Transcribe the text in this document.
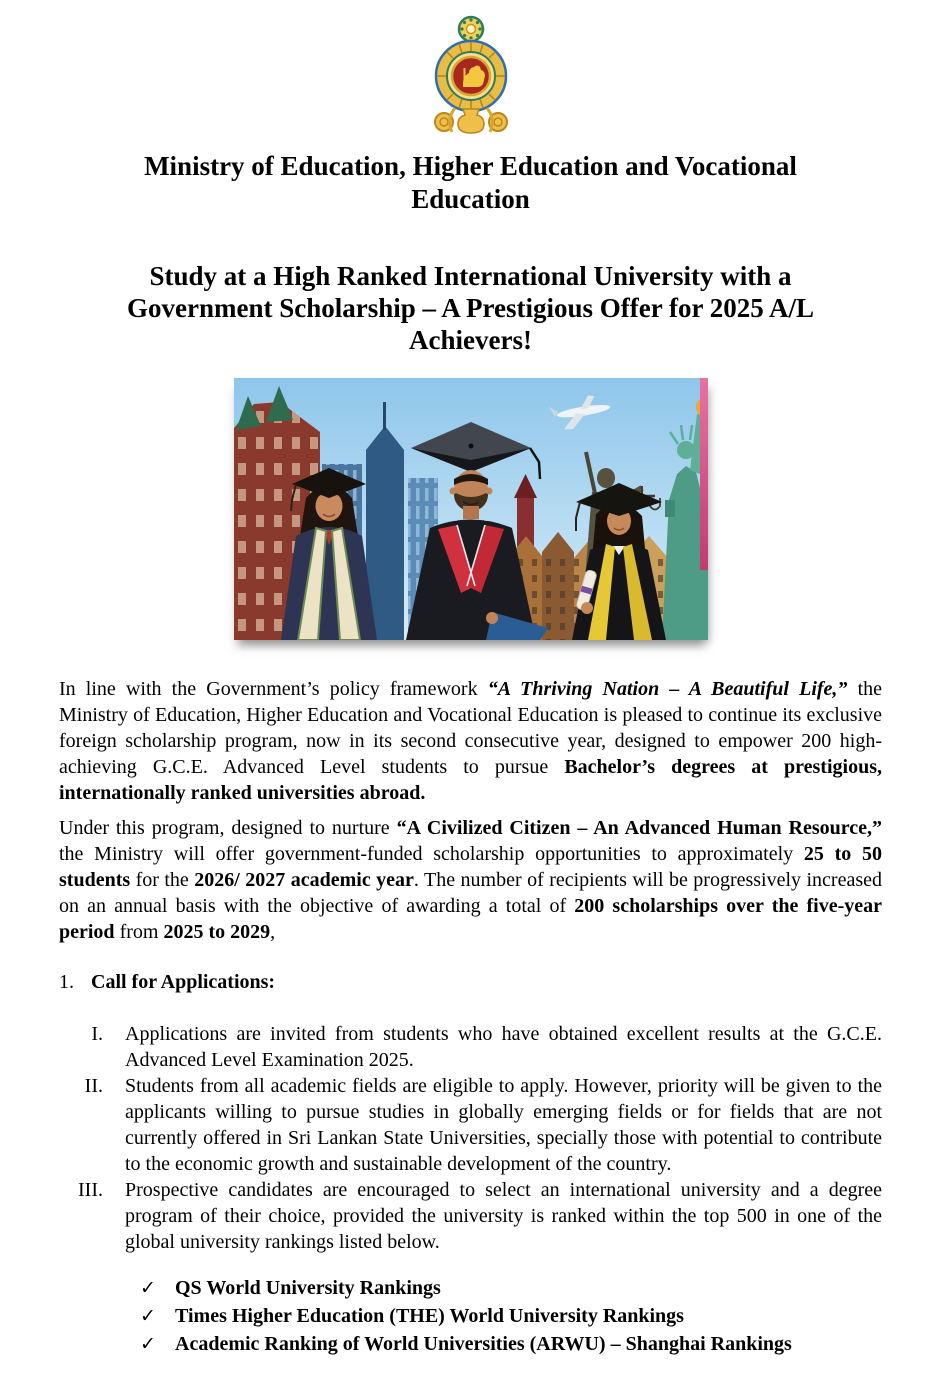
Ministry of Education, Higher Education and Vocational
Education
Study at a High Ranked International University with a
Government Scholarship – A Prestigious Offer for 2025 A/L
Achievers!

In line with the Government’s policy framework “A Thriving Nation – A Beautiful Life,” the Ministry of Education, Higher Education and Vocational Education is pleased to continue its exclusive foreign scholarship program, now in its second consecutive year, designed to empower 200 high-achieving G.C.E. Advanced Level students to pursue Bachelor’s degrees at prestigious, internationally ranked universities abroad.

Under this program, designed to nurture “A Civilized Citizen – An Advanced Human Resource,” the Ministry will offer government-funded scholarship opportunities to approximately 25 to 50 students for the 2026/ 2027 academic year. The number of recipients will be progressively increased on an annual basis with the objective of awarding a total of 200 scholarships over the five-year period from 2025 to 2029,

1. Call for Applications:
I. Applications are invited from students who have obtained excellent results at the G.C.E. Advanced Level Examination 2025.
II. Students from all academic fields are eligible to apply. However, priority will be given to the applicants willing to pursue studies in globally emerging fields or for fields that are not currently offered in Sri Lankan State Universities, specially those with potential to contribute to the economic growth and sustainable development of the country.
III. Prospective candidates are encouraged to select an international university and a degree program of their choice, provided the university is ranked within the top 500 in one of the global university rankings listed below.
✓ QS World University Rankings
✓ Times Higher Education (THE) World University Rankings
✓ Academic Ranking of World Universities (ARWU) – Shanghai Rankings
